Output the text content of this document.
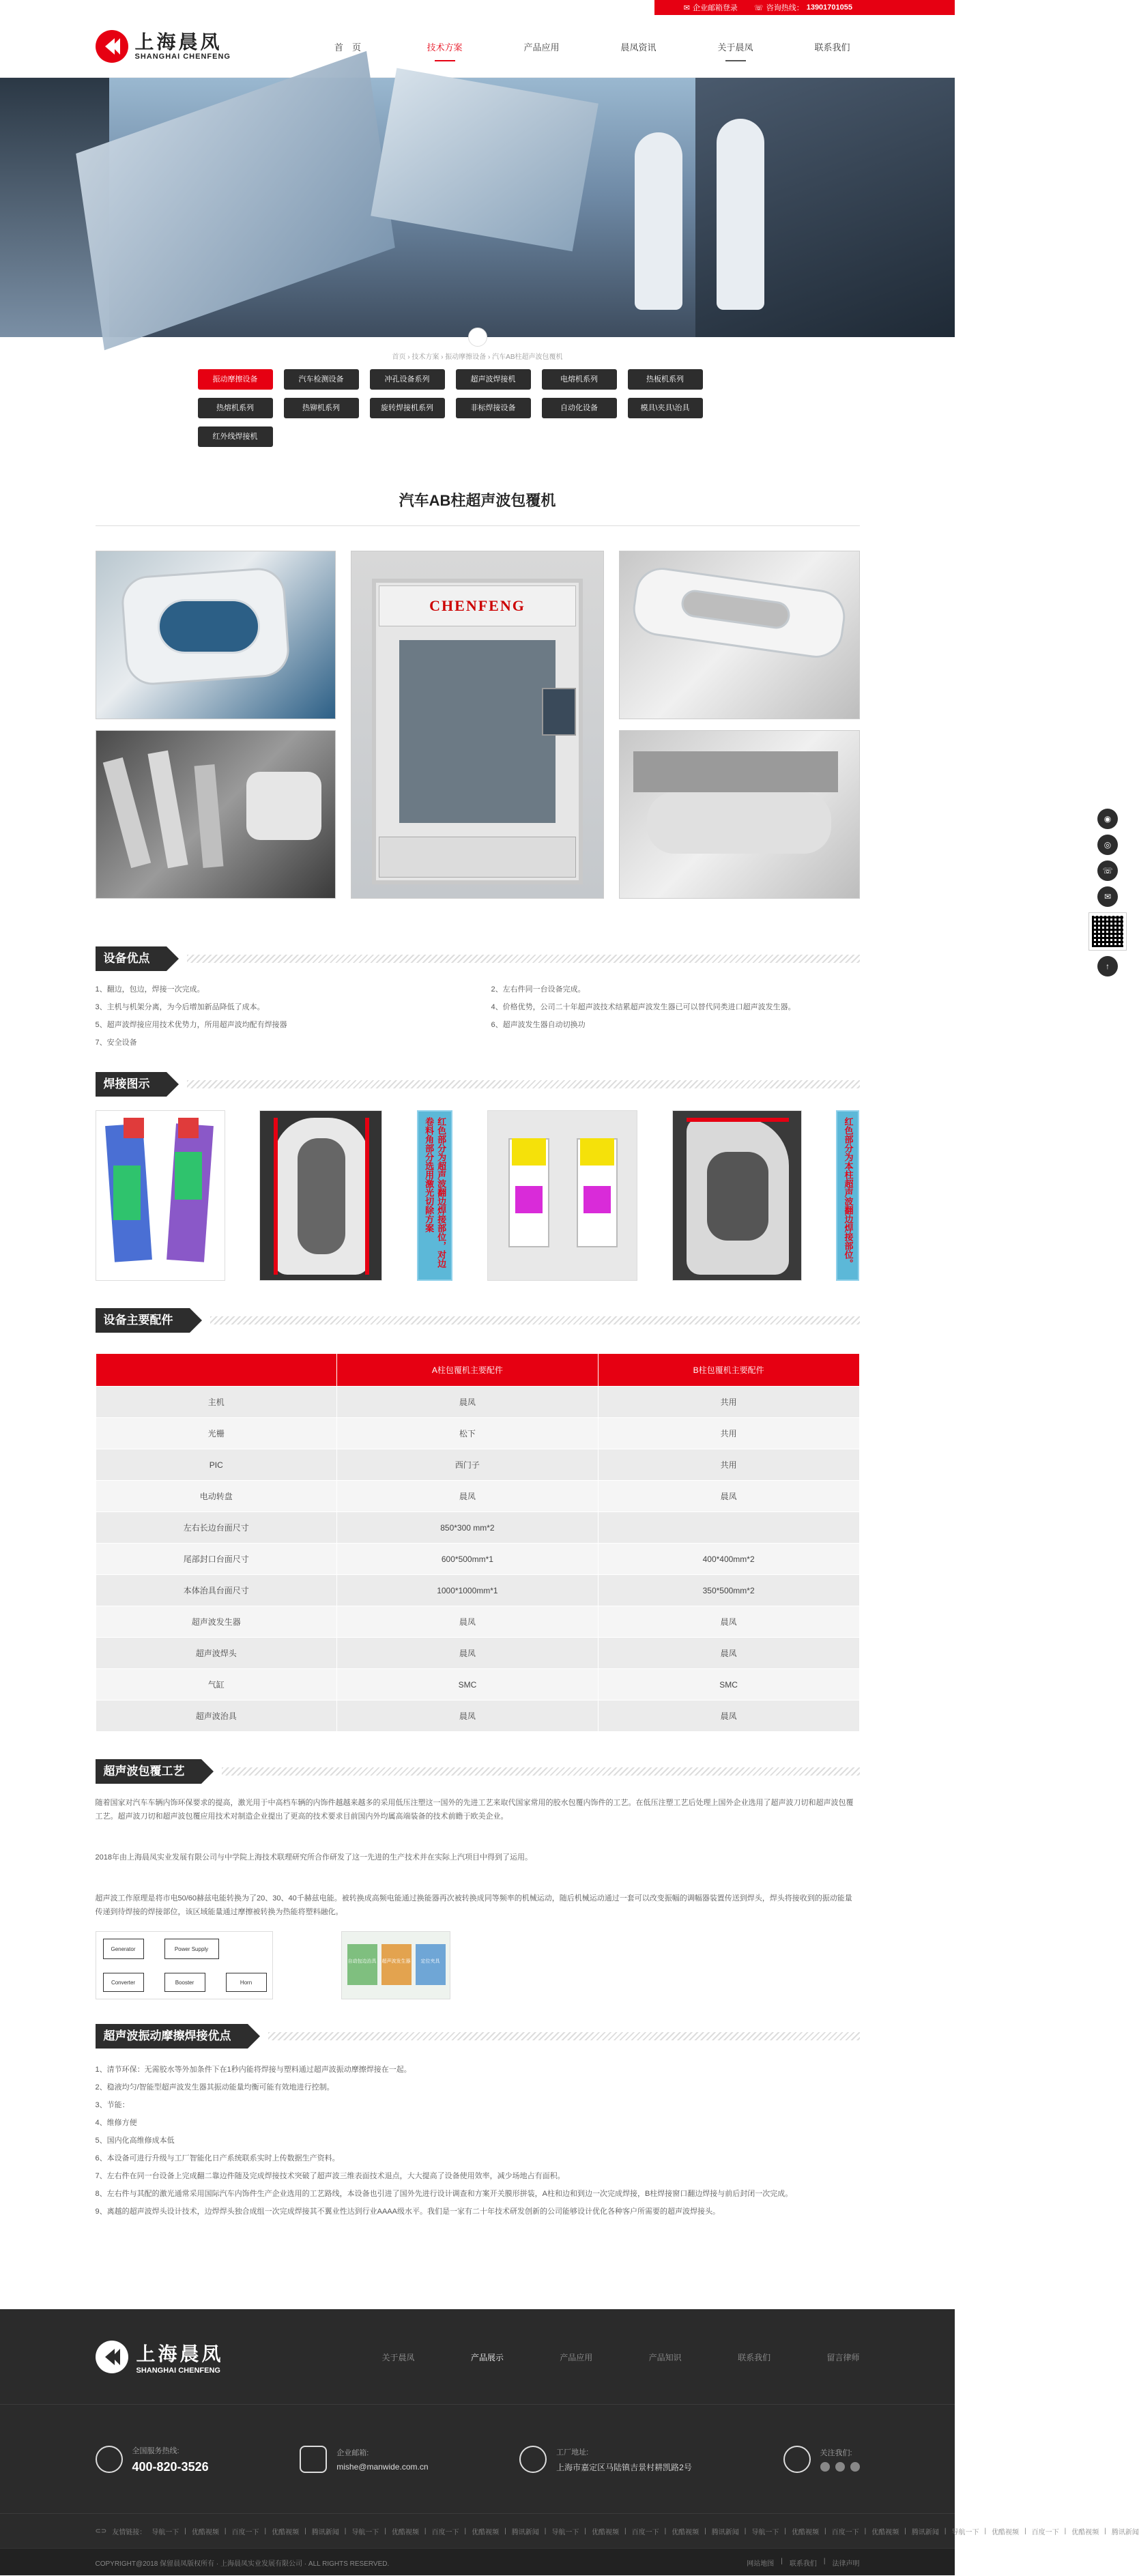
✉ 企业邮箱登录 ☏ 咨询热线： 13901701055
上海晨凤
SHANGHAI CHENFENG
首　页	技术方案	产品应用	晨凤资讯	关于晨凤	联系我们
首页 › 技术方案 › 振动摩擦设备 › 汽车AB柱超声波包覆机
振动摩擦设备	汽车检测设备	冲孔设备系列	超声波焊接机	电熔机系列	热板机系列
热熔机系列	热铆机系列	旋转焊接机系列	非标焊接设备	自动化设备	模具\夹具\治具
红外线焊接机
汽车AB柱超声波包覆机
CHENFENG
设备优点
1、翻边，包边，焊接一次完成。	2、左右件同一台设备完成。
3、主机与机架分离，为今后增加新品降低了成本。	4、价格优势，公司二十年超声波技术结累超声波发生器已可以替代同类进口超声波发生器。
5、超声波焊接应用技术优势力，所用超声波均配有焊接器	6、超声波发生器自动切换功
7、安全设备
焊接图示
红色部分为超声波翻边焊接部位，对边卷料角部分选用激光切除方案	红色部分为本柱超声波翻边焊接部位。
设备主要配件
	A柱包覆机主要配件	B柱包覆机主要配件
主机	晨凤	共用
光栅	松下	共用
PIC	西门子	共用
电动转盘	晨凤	晨凤
左右长边台面尺寸	850*300 mm*2	
尾部封口台面尺寸	600*500mm*1	400*400mm*2
本体治具台面尺寸	1000*1000mm*1	350*500mm*2
超声波发生器	晨凤	晨凤
超声波焊头	晨凤	晨凤
气缸	SMC	SMC
超声波治具	晨凤	晨凤
超声波包覆工艺

随着国家对汽车车辆内饰环保要求的提高，激光用于中高档车辆的内饰件越越来越多的采用低压注塑这一国外的先进工艺来取代国家常用的胶水包覆内饰件的工艺。在低压注塑工艺后处理上国外企业选用了超声波刀切和超声波包覆工艺。超声波刀切和超声波包覆应用技术对制造企业提出了更高的技术要求目前国内外均属高端装备的技术前瞻于欧美企业。

2018年由上海晨凤实业发展有限公司与中学院上海技术联理研究所合作研发了这一先进的生产技术并在实际上汽项目中得到了运用。

超声波工作原理是将市电50/60赫兹电能转换为了20、30、40千赫兹电能。被转换成高频电能通过换能器再次被转换成同等频率的机械运动，随后机械运动通过一套可以改变振幅的调幅器装置传送到焊头，焊头将接收到的振动能量传递到待焊接的焊接部位，该区域能量通过摩擦被转换为热能将塑料融化。

Generator	Power Supply
Converter	Booster	Horn
自动包边治具 超声波发生器	定位夹具
超声波振动摩擦焊接优点
1、清节环保：无需胶水等外加条件下在1秒内能将焊接与塑料通过超声波振动摩擦焊接在一起。
2、稳液均匀/智能型超声波发生器其振动能量均衡可能有效地进行控制。
3、节能：
4、维修方便
5、国内化高维修成本低
6、本设备可进行升级与工厂智能化日产系统联系实时上传数据生产资料。
7、左右件在同一台设备上完成翻二靠边件随及完成焊接技术突破了超声波三维表面技术退点，大大提高了设备使用效率，减少场地占有面积。
8、左右件与其配的激光通常采用国际汽车内饰件生产企业选用的工艺路线，本设备也引进了国外先进行设计调查和方案开关膜形拼装，A柱和边和到边一次完成焊接，B柱焊接窗口翻边焊接与前后封闭一次完成。
9、离越的超声波焊头设计技术，边焊焊头独合成组一次完成焊接其不翼业性达到行业AAAA级水平。我们是一家有二十年技术研发创新的公司能够设计优化各种客户所需要的超声波焊接头。
上海晨凤
SHANGHAI CHENFENG
关于晨凤	产品展示	产品应用	产品知识	联系我们	留言律师
全国服务热线:
400-820-3526
企业邮箱:
mishe@manwide.com.cn
工厂地址:
上海市嘉定区马陆镇吉景村耕凯路2号
关注我们:
⊂⊃ 友情链接： 导航一下 | 优酷视频 | 百度一下 | 优酷视频 | 腾讯新闻 | 导航一下 | 优酷视频 | 百度一下 | 优酷视频 | 腾讯新闻 | 导航一下 | 优酷视频 | 百度一下 | 优酷视频 | 腾讯新闻 | 导航一下 | 优酷视频 | 百度一下 | 优酷视频 | 腾讯新闻 | 导航一下 | 优酷视频 | 百度一下 | 优酷视频 | 腾讯新闻
COPYRIGHT@2018 保留晨凤版权所有 · 上海晨凤实业发展有限公司 · ALL RIGHTS RESERVED.	网站地图 | 联系我们 | 法律声明
◉
◎
☏
✉
↑
